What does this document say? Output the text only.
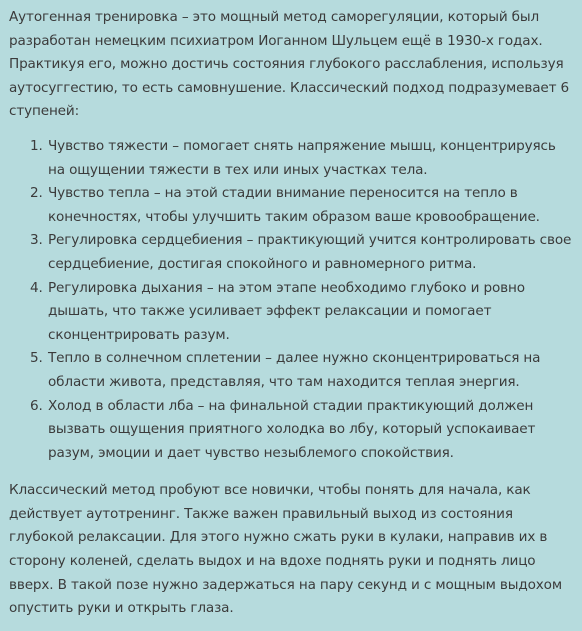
Аутогенная тренировка – это мощный метод саморегуляции, который был разработан немецким психиатром Иоганном Шульцем ещё в 1930-х годах. Практикуя его, можно достичь состояния глубокого расслабления, используя аутосуггестию, то есть самовнушение. Классический подход подразумевает 6 ступеней:

Чувство тяжести – помогает снять напряжение мышц, концентрируясь на ощущении тяжести в тех или иных участках тела.
Чувство тепла – на этой стадии внимание переносится на тепло в конечностях, чтобы улучшить таким образом ваше кровообращение.
Регулировка сердцебиения – практикующий учится контролировать свое сердцебиение, достигая спокойного и равномерного ритма.
Регулировка дыхания – на этом этапе необходимо глубоко и ровно дышать, что также усиливает эффект релаксации и помогает сконцентрировать разум.
Тепло в солнечном сплетении – далее нужно сконцентрироваться на области живота, представляя, что там находится теплая энергия.
Холод в области лба – на финальной стадии практикующий должен вызвать ощущения приятного холодка во лбу, который успокаивает разум, эмоции и дает чувство незыблемого спокойствия.

Классический метод пробуют все новички, чтобы понять для начала, как действует аутотренинг. Также важен правильный выход из состояния глубокой релаксации. Для этого нужно сжать руки в кулаки, направив их в сторону коленей, сделать выдох и на вдохе поднять руки и поднять лицо вверх. В такой позе нужно задержаться на пару секунд и с мощным выдохом опустить руки и открыть глаза.
